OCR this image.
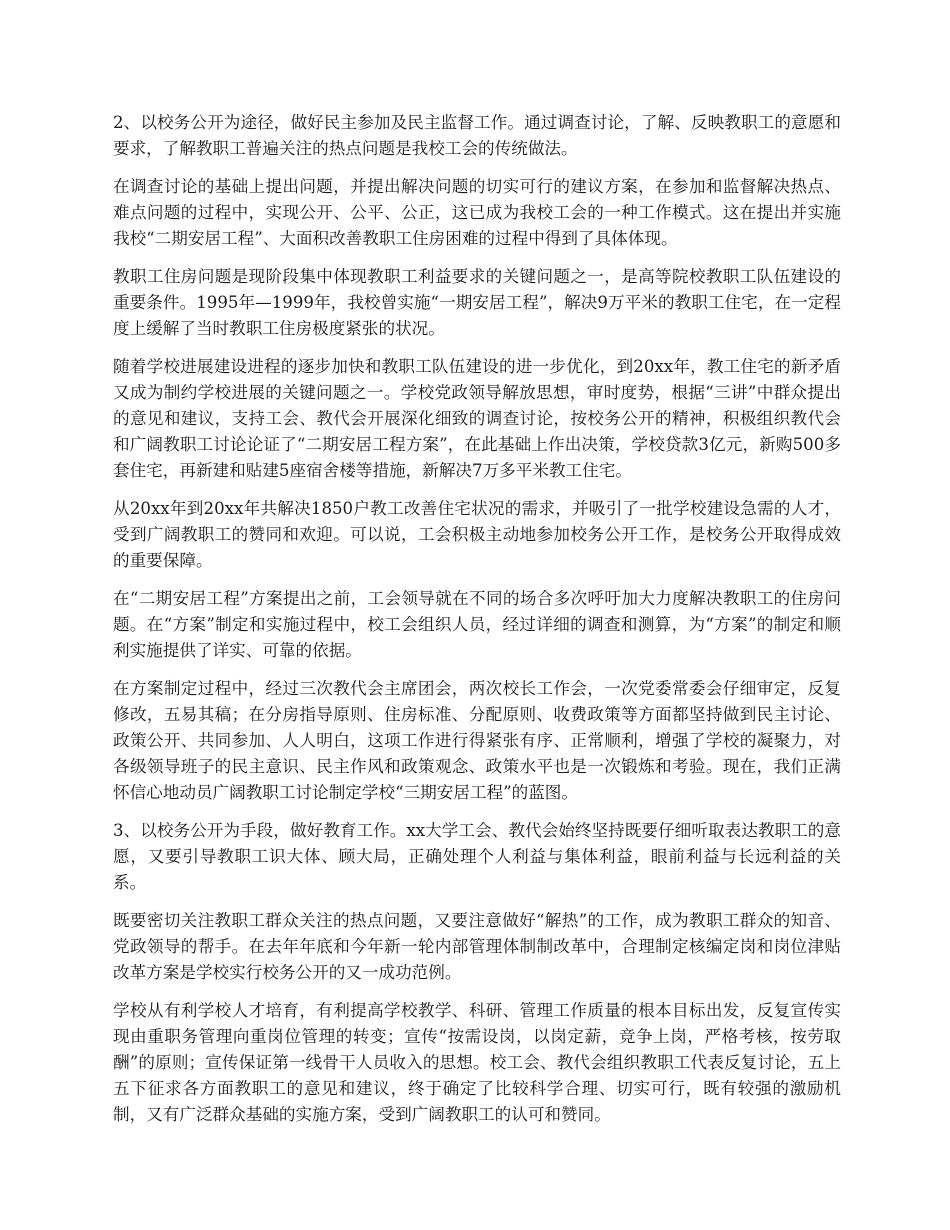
2、以校务公开为途径，做好民主参加及民主监督工作。通过调查讨论，了解、反映教职工的意愿和要求，了解教职工普遍关注的热点问题是我校工会的传统做法。

在调查讨论的基础上提出问题，并提出解决问题的切实可行的建议方案，在参加和监督解决热点、难点问题的过程中，实现公开、公平、公正，这已成为我校工会的一种工作模式。这在提出并实施我校“二期安居工程”、大面积改善教职工住房困难的过程中得到了具体体现。

教职工住房问题是现阶段集中体现教职工利益要求的关键问题之一，是高等院校教职工队伍建设的重要条件。1995年—1999年，我校曾实施“一期安居工程”，解决9万平米的教职工住宅，在一定程度上缓解了当时教职工住房极度紧张的状况。

随着学校进展建设进程的逐步加快和教职工队伍建设的进一步优化，到20xx年，教工住宅的新矛盾又成为制约学校进展的关键问题之一。学校党政领导解放思想，审时度势，根据“三讲”中群众提出的意见和建议，支持工会、教代会开展深化细致的调查讨论，按校务公开的精神，积极组织教代会和广阔教职工讨论论证了“二期安居工程方案”，在此基础上作出决策，学校贷款3亿元，新购500多套住宅，再新建和贴建5座宿舍楼等措施，新解决7万多平米教工住宅。

从20xx年到20xx年共解决1850户教工改善住宅状况的需求，并吸引了一批学校建设急需的人才，受到广阔教职工的赞同和欢迎。可以说，工会积极主动地参加校务公开工作，是校务公开取得成效的重要保障。

在“二期安居工程”方案提出之前，工会领导就在不同的场合多次呼吁加大力度解决教职工的住房问题。在“方案”制定和实施过程中，校工会组织人员，经过详细的调查和测算，为“方案”的制定和顺利实施提供了详实、可靠的依据。

在方案制定过程中，经过三次教代会主席团会，两次校长工作会，一次党委常委会仔细审定，反复修改，五易其稿；在分房指导原则、住房标准、分配原则、收费政策等方面都坚持做到民主讨论、政策公开、共同参加、人人明白，这项工作进行得紧张有序、正常顺利，增强了学校的凝聚力，对各级领导班子的民主意识、民主作风和政策观念、政策水平也是一次锻炼和考验。现在，我们正满怀信心地动员广阔教职工讨论制定学校“三期安居工程”的蓝图。

3、以校务公开为手段，做好教育工作。xx大学工会、教代会始终坚持既要仔细听取表达教职工的意愿，又要引导教职工识大体、顾大局，正确处理个人利益与集体利益，眼前利益与长远利益的关系。

既要密切关注教职工群众关注的热点问题，又要注意做好“解热”的工作，成为教职工群众的知音、党政领导的帮手。在去年年底和今年新一轮内部管理体制制改革中，合理制定核编定岗和岗位津贴改革方案是学校实行校务公开的又一成功范例。

学校从有利学校人才培育，有利提高学校教学、科研、管理工作质量的根本目标出发，反复宣传实现由重职务管理向重岗位管理的转变；宣传“按需设岗，以岗定薪，竞争上岗，严格考核，按劳取酬”的原则；宣传保证第一线骨干人员收入的思想。校工会、教代会组织教职工代表反复讨论，五上五下征求各方面教职工的意见和建议，终于确定了比较科学合理、切实可行，既有较强的激励机制，又有广泛群众基础的实施方案，受到广阔教职工的认可和赞同。
